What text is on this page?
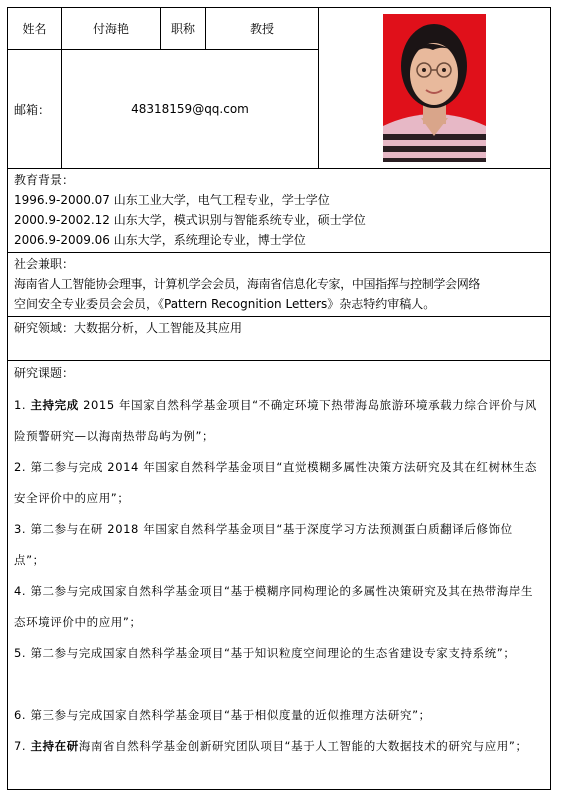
姓名	付海艳	职称	教授
邮箱：	48318159@qq.com
教育背景：
1996.9-2000.07 山东工业大学，电气工程专业，学士学位
2000.9-2002.12 山东大学，模式识别与智能系统专业，硕士学位
2006.9-2009.06 山东大学，系统理论专业，博士学位
社会兼职：
海南省人工智能协会理事，计算机学会会员，海南省信息化专家，中国指挥与控制学会网络
空间安全专业委员会会员，《Pattern Recognition Letters》杂志特约审稿人。
研究领域：大数据分析，人工智能及其应用
研究课题：
1. 主持完成 2015 年国家自然科学基金项目“不确定环境下热带海岛旅游环境承载力综合评价与风险预警研究—以海南热带岛屿为例”；
2. 第二参与完成 2014 年国家自然科学基金项目“直觉模糊多属性决策方法研究及其在红树林生态安全评价中的应用”；
3. 第二参与在研 2018 年国家自然科学基金项目“基于深度学习方法预测蛋白质翻译后修饰位点”；
4. 第二参与完成国家自然科学基金项目“基于模糊序同构理论的多属性决策研究及其在热带海岸生态环境评价中的应用”；
5. 第二参与完成国家自然科学基金项目“基于知识粒度空间理论的生态省建设专家支持系统”；
6. 第三参与完成国家自然科学基金项目“基于相似度量的近似推理方法研究”；
7. 主持在研海南省自然科学基金创新研究团队项目“基于人工智能的大数据技术的研究与应用”；
